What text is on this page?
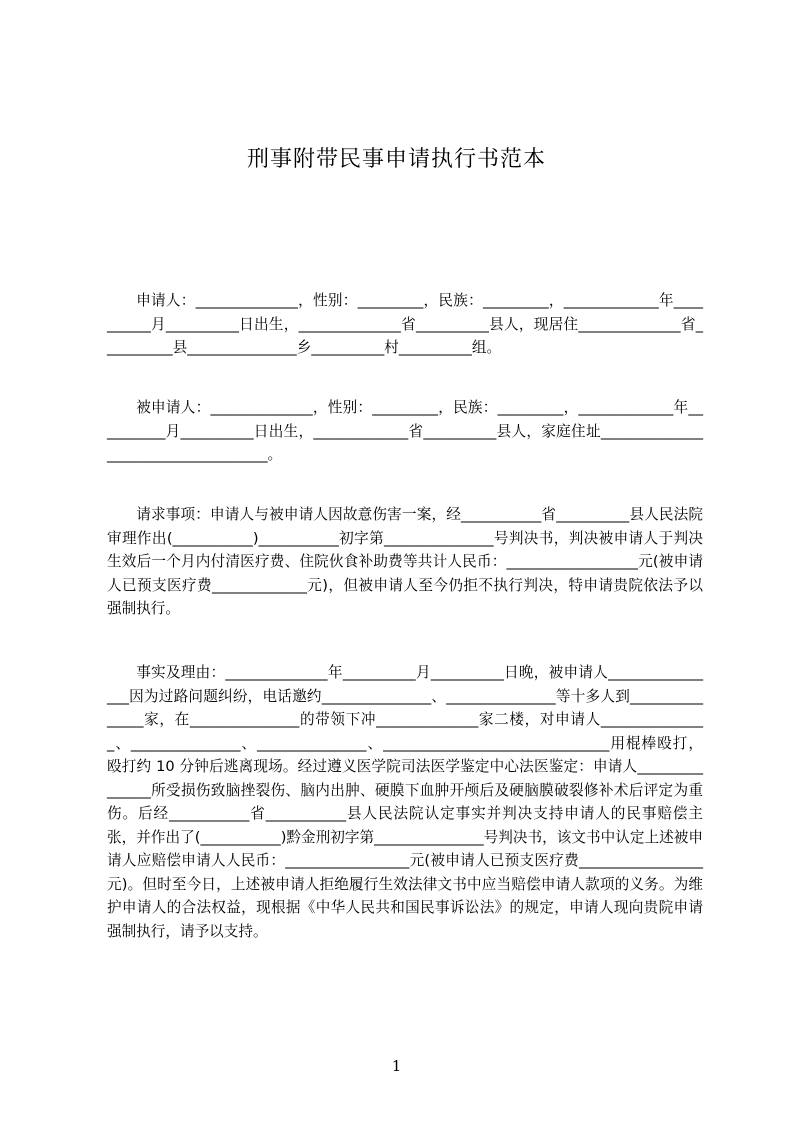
刑事附带民事申请执行书范本
申请人：______________，性别：_________，民族：_________，_____________年__________月__________日出生，______________省__________县人，现居住______________省__________县_______________乡__________村__________组。
被申请人：______________，性别：_________，民族：_________，_____________年__________月__________日出生，_____________省__________县人，家庭住址____________________________________。
请求事项：申请人与被申请人因故意伤害一案，经___________省__________县人民法院审理作出(___________)___________初字第_______________号判决书，判决被申请人于判决生效后一个月内付清医疗费、住院伙食补助费等共计人民币：__________________元(被申请人已预支医疗费_____________元)，但被申请人至今仍拒不执行判决，特申请贵院依法予以强制执行。
事实及理由：______________年__________月__________日晚，被申请人________________因为过路问题纠纷，电话邀约_______________、_______________等十多人到_______________家，在_______________的带领下冲______________家二楼，对申请人_______________、_______________、_______________、_______________________________用棍棒殴打，殴打约 10 分钟后逃离现场。经过遵义医学院司法医学鉴定中心法医鉴定：申请人_______________所受损伤致脑挫裂伤、脑内出肿、硬膜下血肿开颅后及硬脑膜破裂修补术后评定为重伤。后经___________省___________县人民法院认定事实并判决支持申请人的民事赔偿主张，并作出了(___________)黔金刑初字第_______________号判决书，该文书中认定上述被申请人应赔偿申请人人民币：_________________元(被申请人已预支医疗费_________________元)。但时至今日，上述被申请人拒绝履行生效法律文书中应当赔偿申请人款项的义务。为维护申请人的合法权益，现根据《中华人民共和国民事诉讼法》的规定，申请人现向贵院申请强制执行，请予以支持。
1
